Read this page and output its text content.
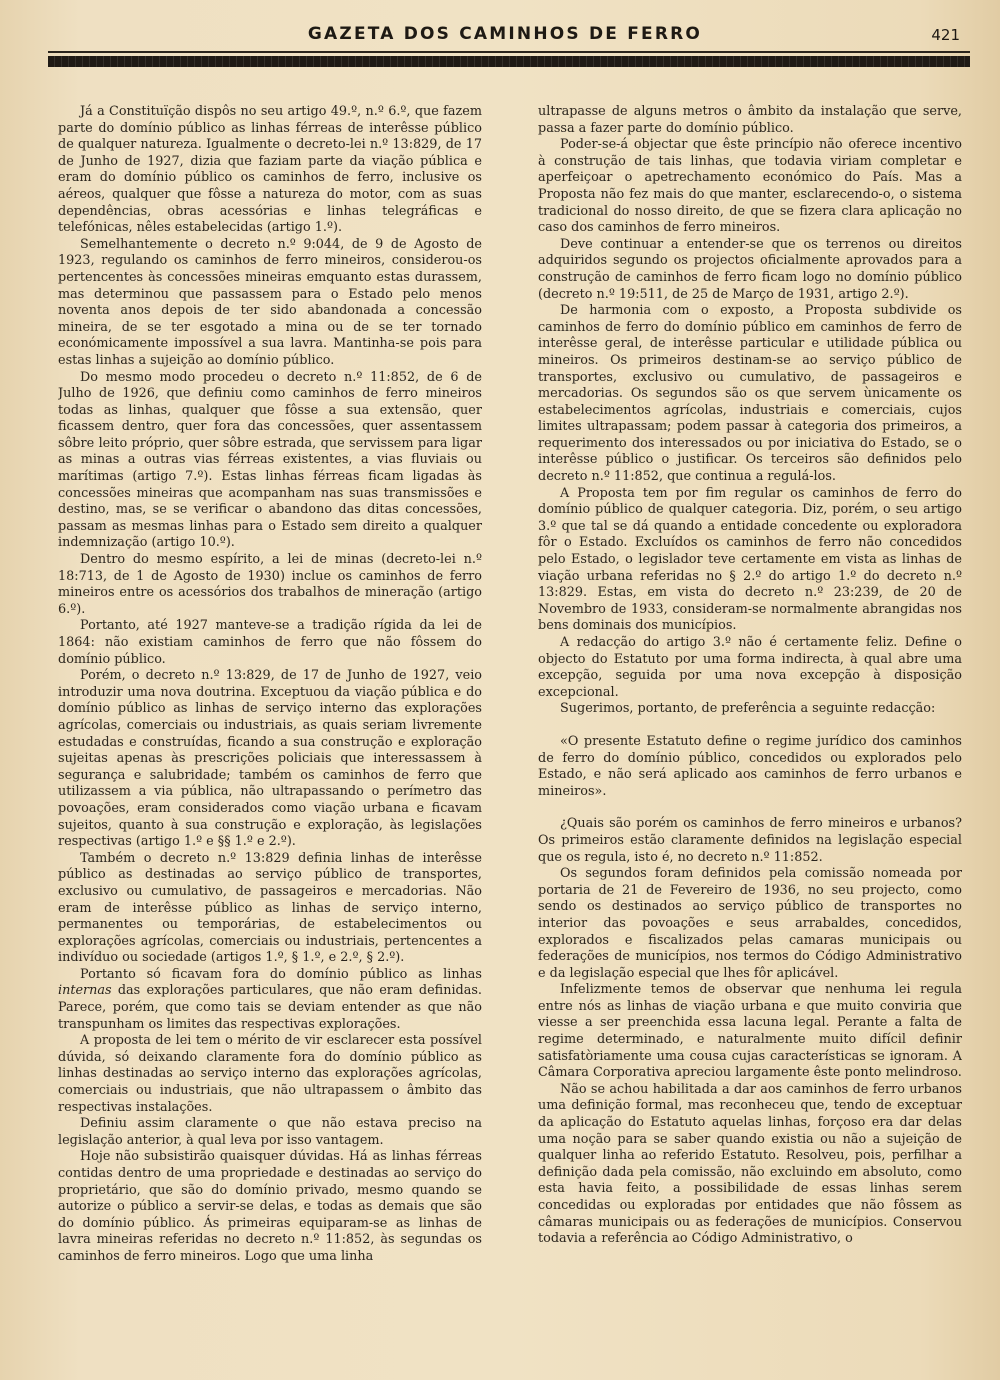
GAZETA DOS CAMINHOS DE FERRO	421

Já a Constituïção dispôs no seu artigo 49.º, n.º 6.º, que fazem parte do domínio público as linhas férreas de interêsse público de qualquer natureza. Igualmente o decreto-lei n.º 13:829, de 17 de Junho de 1927, dizia que faziam parte da viação pública e eram do domínio público os caminhos de ferro, inclusive os aéreos, qualquer que fôsse a natureza do motor, com as suas dependências, obras acessórias e linhas telegráficas e telefónicas, nêles estabelecidas (artigo 1.º).

Semelhantemente o decreto n.º 9:044, de 9 de Agosto de 1923, regulando os caminhos de ferro mineiros, considerou-os pertencentes às concessões mineiras emquanto estas durassem, mas determinou que passassem para o Estado pelo menos noventa anos depois de ter sido abandonada a concessão mineira, de se ter esgotado a mina ou de se ter tornado económicamente impossível a sua lavra. Mantinha-se pois para estas linhas a sujeição ao domínio público.

Do mesmo modo procedeu o decreto n.º 11:852, de 6 de Julho de 1926, que definiu como caminhos de ferro mineiros todas as linhas, qualquer que fôsse a sua extensão, quer ficassem dentro, quer fora das concessões, quer assentassem sôbre leito próprio, quer sôbre estrada, que servissem para ligar as minas a outras vias férreas existentes, a vias fluviais ou marítimas (artigo 7.º). Estas linhas férreas ficam ligadas às concessões mineiras que acompanham nas suas transmissões e destino, mas, se se verificar o abandono das ditas concessões, passam as mesmas linhas para o Estado sem direito a qualquer indemnização (artigo 10.º).

Dentro do mesmo espírito, a lei de minas (decreto-lei n.º 18:713, de 1 de Agosto de 1930) inclue os caminhos de ferro mineiros entre os acessórios dos trabalhos de mineração (artigo 6.º).

Portanto, até 1927 manteve-se a tradição rígida da lei de 1864: não existiam caminhos de ferro que não fôssem do domínio público.

Porém, o decreto n.º 13:829, de 17 de Junho de 1927, veio introduzir uma nova doutrina. Exceptuou da viação pública e do domínio público as linhas de serviço interno das explorações agrícolas, comerciais ou industriais, as quais seriam livremente estudadas e construídas, ficando a sua construção e exploração sujeitas apenas às prescrições policiais que interessassem à segurança e salubridade; também os caminhos de ferro que utilizassem a via pública, não ultrapassando o perímetro das povoações, eram considerados como viação urbana e ficavam sujeitos, quanto à sua construção e exploração, às legislações respectivas (artigo 1.º e §§ 1.º e 2.º).

Também o decreto n.º 13:829 definia linhas de interêsse público as destinadas ao serviço público de transportes, exclusivo ou cumulativo, de passageiros e mercadorias. Não eram de interêsse público as linhas de serviço interno, permanentes ou temporárias, de estabelecimentos ou explorações agrícolas, comerciais ou industriais, pertencentes a indivíduo ou sociedade (artigos 1.º, § 1.º, e 2.º, § 2.º).

Portanto só ficavam fora do domínio público as linhas internas das explorações particulares, que não eram definidas. Parece, porém, que como tais se deviam entender as que não transpunham os limites das respectivas explorações.

A proposta de lei tem o mérito de vir esclarecer esta possível dúvida, só deixando claramente fora do domínio público as linhas destinadas ao serviço interno das explorações agrícolas, comerciais ou industriais, que não ultrapassem o âmbito das respectivas instalações.

Definiu assim claramente o que não estava preciso na legislação anterior, à qual leva por isso vantagem.

Hoje não subsistirão quaisquer dúvidas. Há as linhas férreas contidas dentro de uma propriedade e destinadas ao serviço do proprietário, que são do domínio privado, mesmo quando se autorize o público a servir-se delas, e todas as demais que são do domínio público. Ás primeiras equiparam-se as linhas de lavra mineiras referidas no decreto n.º 11:852, às segundas os caminhos de ferro mineiros. Logo que uma linha

ultrapasse de alguns metros o âmbito da instalação que serve, passa a fazer parte do domínio público.

Poder-se-á objectar que êste princípio não oferece incentivo à construção de tais linhas, que todavia viriam completar e aperfeiçoar o apetrechamento económico do País. Mas a Proposta não fez mais do que manter, esclarecendo-o, o sistema tradicional do nosso direito, de que se fizera clara aplicação no caso dos caminhos de ferro mineiros.

Deve continuar a entender-se que os terrenos ou direitos adquiridos segundo os projectos oficialmente aprovados para a construção de caminhos de ferro ficam logo no domínio público (decreto n.º 19:511, de 25 de Março de 1931, artigo 2.º).

De harmonia com o exposto, a Proposta subdivide os caminhos de ferro do domínio público em caminhos de ferro de interêsse geral, de interêsse particular e utilidade pública ou mineiros. Os primeiros destinam-se ao serviço público de transportes, exclusivo ou cumulativo, de passageiros e mercadorias. Os segundos são os que servem ùnicamente os estabelecimentos agrícolas, industriais e comerciais, cujos limites ultrapassam; podem passar à categoria dos primeiros, a requerimento dos interessados ou por iniciativa do Estado, se o interêsse público o justificar. Os terceiros são definidos pelo decreto n.º 11:852, que continua a regulá-los.

A Proposta tem por fim regular os caminhos de ferro do domínio público de qualquer categoria. Diz, porém, o seu artigo 3.º que tal se dá quando a entidade concedente ou exploradora fôr o Estado. Excluídos os caminhos de ferro não concedidos pelo Estado, o legislador teve certamente em vista as linhas de viação urbana referidas no § 2.º do artigo 1.º do decreto n.º 13:829. Estas, em vista do decreto n.º 23:239, de 20 de Novembro de 1933, consideram-se normalmente abrangidas nos bens dominais dos municípios.

A redacção do artigo 3.º não é certamente feliz. Define o objecto do Estatuto por uma forma indirecta, à qual abre uma excepção, seguida por uma nova excepção à disposição excepcional.

Sugerimos, portanto, de preferência a seguinte redacção:

«O presente Estatuto define o regime jurídico dos caminhos de ferro do domínio público, concedidos ou explorados pelo Estado, e não será aplicado aos caminhos de ferro urbanos e mineiros».

¿Quais são porém os caminhos de ferro mineiros e urbanos? Os primeiros estão claramente definidos na legislação especial que os regula, isto é, no decreto n.º 11:852.

Os segundos foram definidos pela comissão nomeada por portaria de 21 de Fevereiro de 1936, no seu projecto, como sendo os destinados ao serviço público de transportes no interior das povoações e seus arrabaldes, concedidos, explorados e fiscalizados pelas camaras municipais ou federações de municípios, nos termos do Código Administrativo e da legislação especial que lhes fôr aplicável.

Infelizmente temos de observar que nenhuma lei regula entre nós as linhas de viação urbana e que muito conviria que viesse a ser preenchida essa lacuna legal. Perante a falta de regime determinado, e naturalmente muito difícil definir satisfatòriamente uma cousa cujas características se ignoram. A Câmara Corporativa apreciou largamente êste ponto melindroso.

Não se achou habilitada a dar aos caminhos de ferro urbanos uma definição formal, mas reconheceu que, tendo de exceptuar da aplicação do Estatuto aquelas linhas, forçoso era dar delas uma noção para se saber quando existia ou não a sujeição de qualquer linha ao referido Estatuto. Resolveu, pois, perfilhar a definição dada pela comissão, não excluindo em absoluto, como esta havia feito, a possibilidade de essas linhas serem concedidas ou exploradas por entidades que não fôssem as câmaras municipais ou as federações de municípios. Conservou todavia a referência ao Código Administrativo, o
